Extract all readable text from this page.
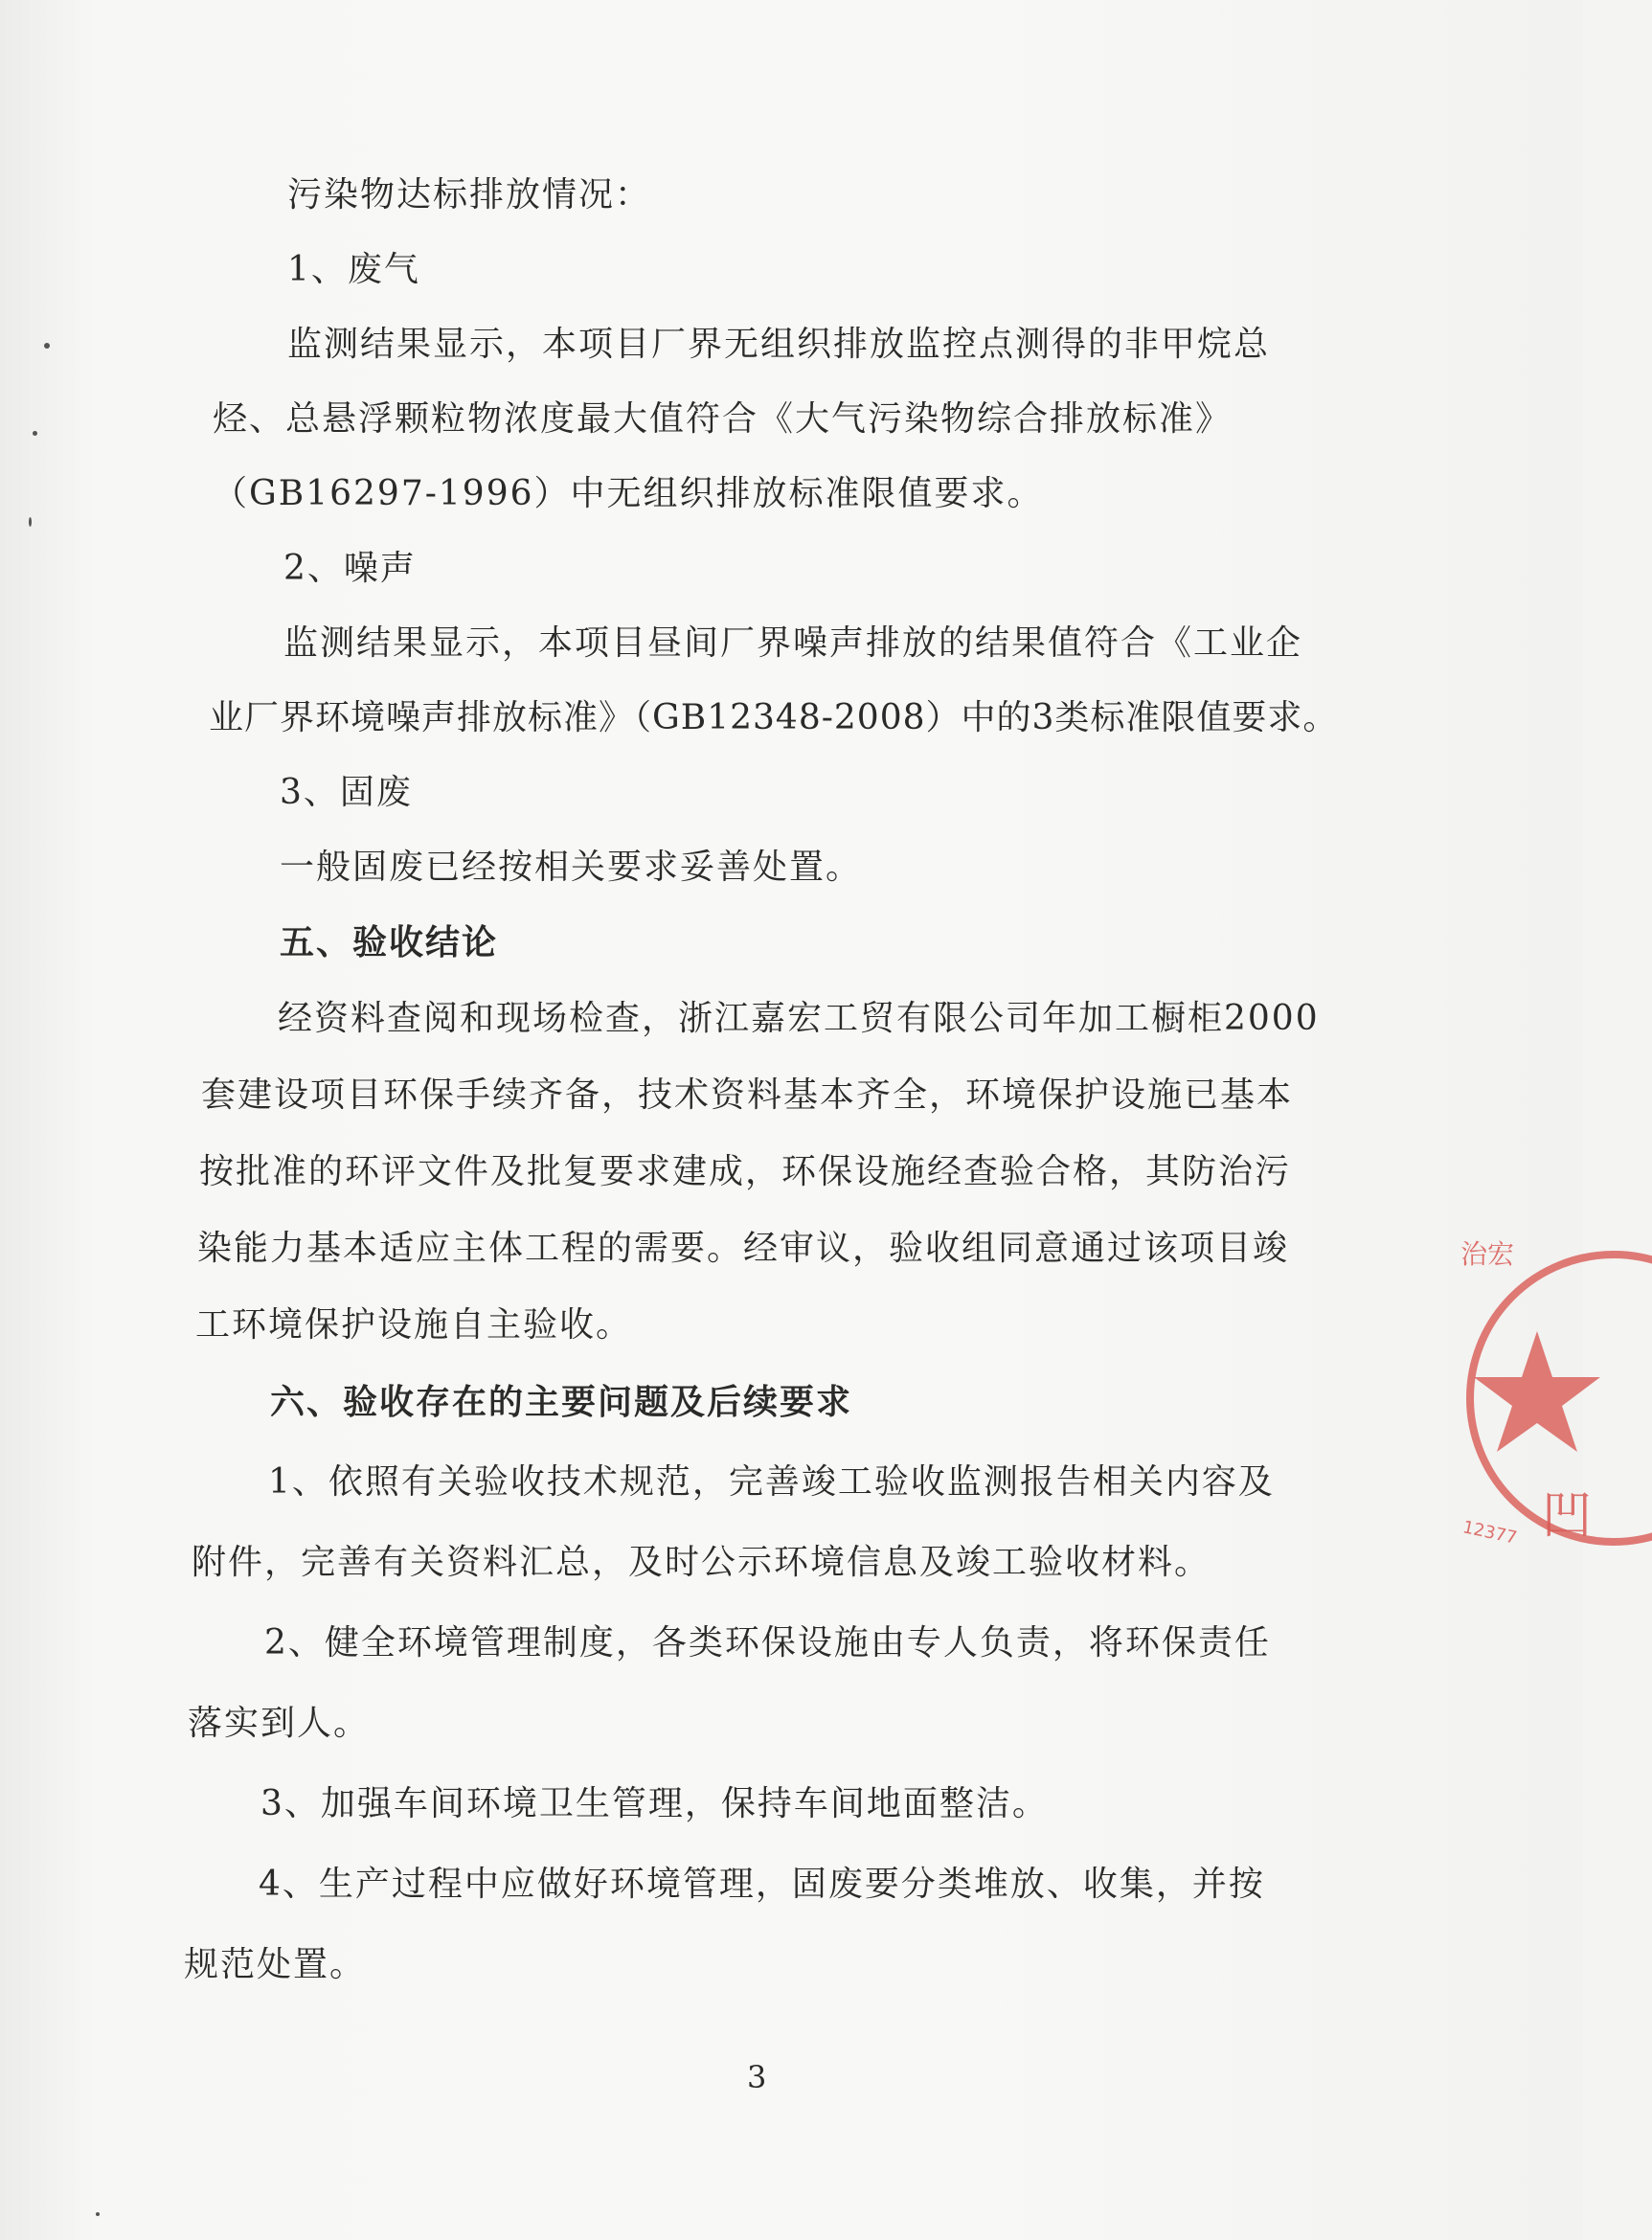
污染物达标排放情况：
1、废气
监测结果显示，本项目厂界无组织排放监控点测得的非甲烷总
烃、总悬浮颗粒物浓度最大值符合《大气污染物综合排放标准》
（GB16297-1996）中无组织排放标准限值要求。
2、噪声
监测结果显示，本项目昼间厂界噪声排放的结果值符合《工业企
业厂界环境噪声排放标准》（GB12348-2008）中的3类标准限值要求。
3、固废
一般固废已经按相关要求妥善处置。
五、验收结论
经资料查阅和现场检查，浙江嘉宏工贸有限公司年加工橱柜2000
套建设项目环保手续齐备，技术资料基本齐全，环境保护设施已基本
按批准的环评文件及批复要求建成，环保设施经查验合格，其防治污
染能力基本适应主体工程的需要。经审议，验收组同意通过该项目竣
工环境保护设施自主验收。
六、验收存在的主要问题及后续要求
1、依照有关验收技术规范，完善竣工验收监测报告相关内容及
附件，完善有关资料汇总，及时公示环境信息及竣工验收材料。
2、健全环境管理制度，各类环保设施由专人负责，将环保责任
落实到人。
3、加强车间环境卫生管理，保持车间地面整洁。
4、生产过程中应做好环境管理，固废要分类堆放、收集，并按
规范处置。
3
治宏
凹
12377
